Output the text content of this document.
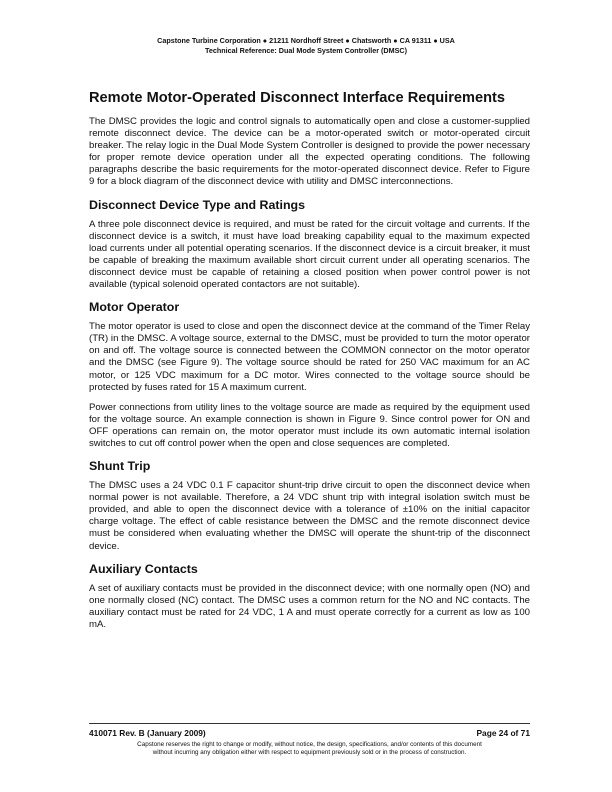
Capstone Turbine Corporation ● 21211 Nordhoff Street ● Chatsworth ● CA 91311 ● USA
Technical Reference: Dual Mode System Controller (DMSC)
Remote Motor-Operated Disconnect Interface Requirements

The DMSC provides the logic and control signals to automatically open and close a customer-supplied remote disconnect device. The device can be a motor-operated switch or motor-operated circuit breaker. The relay logic in the Dual Mode System Controller is designed to provide the power necessary for proper remote device operation under all the expected operating conditions. The following paragraphs describe the basic requirements for the motor-operated disconnect device. Refer to Figure 9 for a block diagram of the disconnect device with utility and DMSC interconnections.

Disconnect Device Type and Ratings

A three pole disconnect device is required, and must be rated for the circuit voltage and currents. If the disconnect device is a switch, it must have load breaking capability equal to the maximum expected load currents under all potential operating scenarios. If the disconnect device is a circuit breaker, it must be capable of breaking the maximum available short circuit current under all operating scenarios. The disconnect device must be capable of retaining a closed position when power control power is not available (typical solenoid operated contactors are not suitable).

Motor Operator

The motor operator is used to close and open the disconnect device at the command of the Timer Relay (TR) in the DMSC. A voltage source, external to the DMSC, must be provided to turn the motor operator on and off. The voltage source is connected between the COMMON connector on the motor operator and the DMSC (see Figure 9). The voltage source should be rated for 250 VAC maximum for an AC motor, or 125 VDC maximum for a DC motor. Wires connected to the voltage source should be protected by fuses rated for 15 A maximum current.

Power connections from utility lines to the voltage source are made as required by the equipment used for the voltage source. An example connection is shown in Figure 9. Since control power for ON and OFF operations can remain on, the motor operator must include its own automatic internal isolation switches to cut off control power when the open and close sequences are completed.

Shunt Trip

The DMSC uses a 24 VDC 0.1 F capacitor shunt-trip drive circuit to open the disconnect device when normal power is not available. Therefore, a 24 VDC shunt trip with integral isolation switch must be provided, and able to open the disconnect device with a tolerance of ±10% on the initial capacitor charge voltage. The effect of cable resistance between the DMSC and the remote disconnect device must be considered when evaluating whether the DMSC will operate the shunt-trip of the disconnect device.

Auxiliary Contacts

A set of auxiliary contacts must be provided in the disconnect device; with one normally open (NO) and one normally closed (NC) contact. The DMSC uses a common return for the NO and NC contacts. The auxiliary contact must be rated for 24 VDC, 1 A and must operate correctly for a current as low as 100 mA.

410071 Rev. B (January 2009)	Page 24 of 71
Capstone reserves the right to change or modify, without notice, the design, specifications, and/or contents of this document
without incurring any obligation either with respect to equipment previously sold or in the process of construction.
